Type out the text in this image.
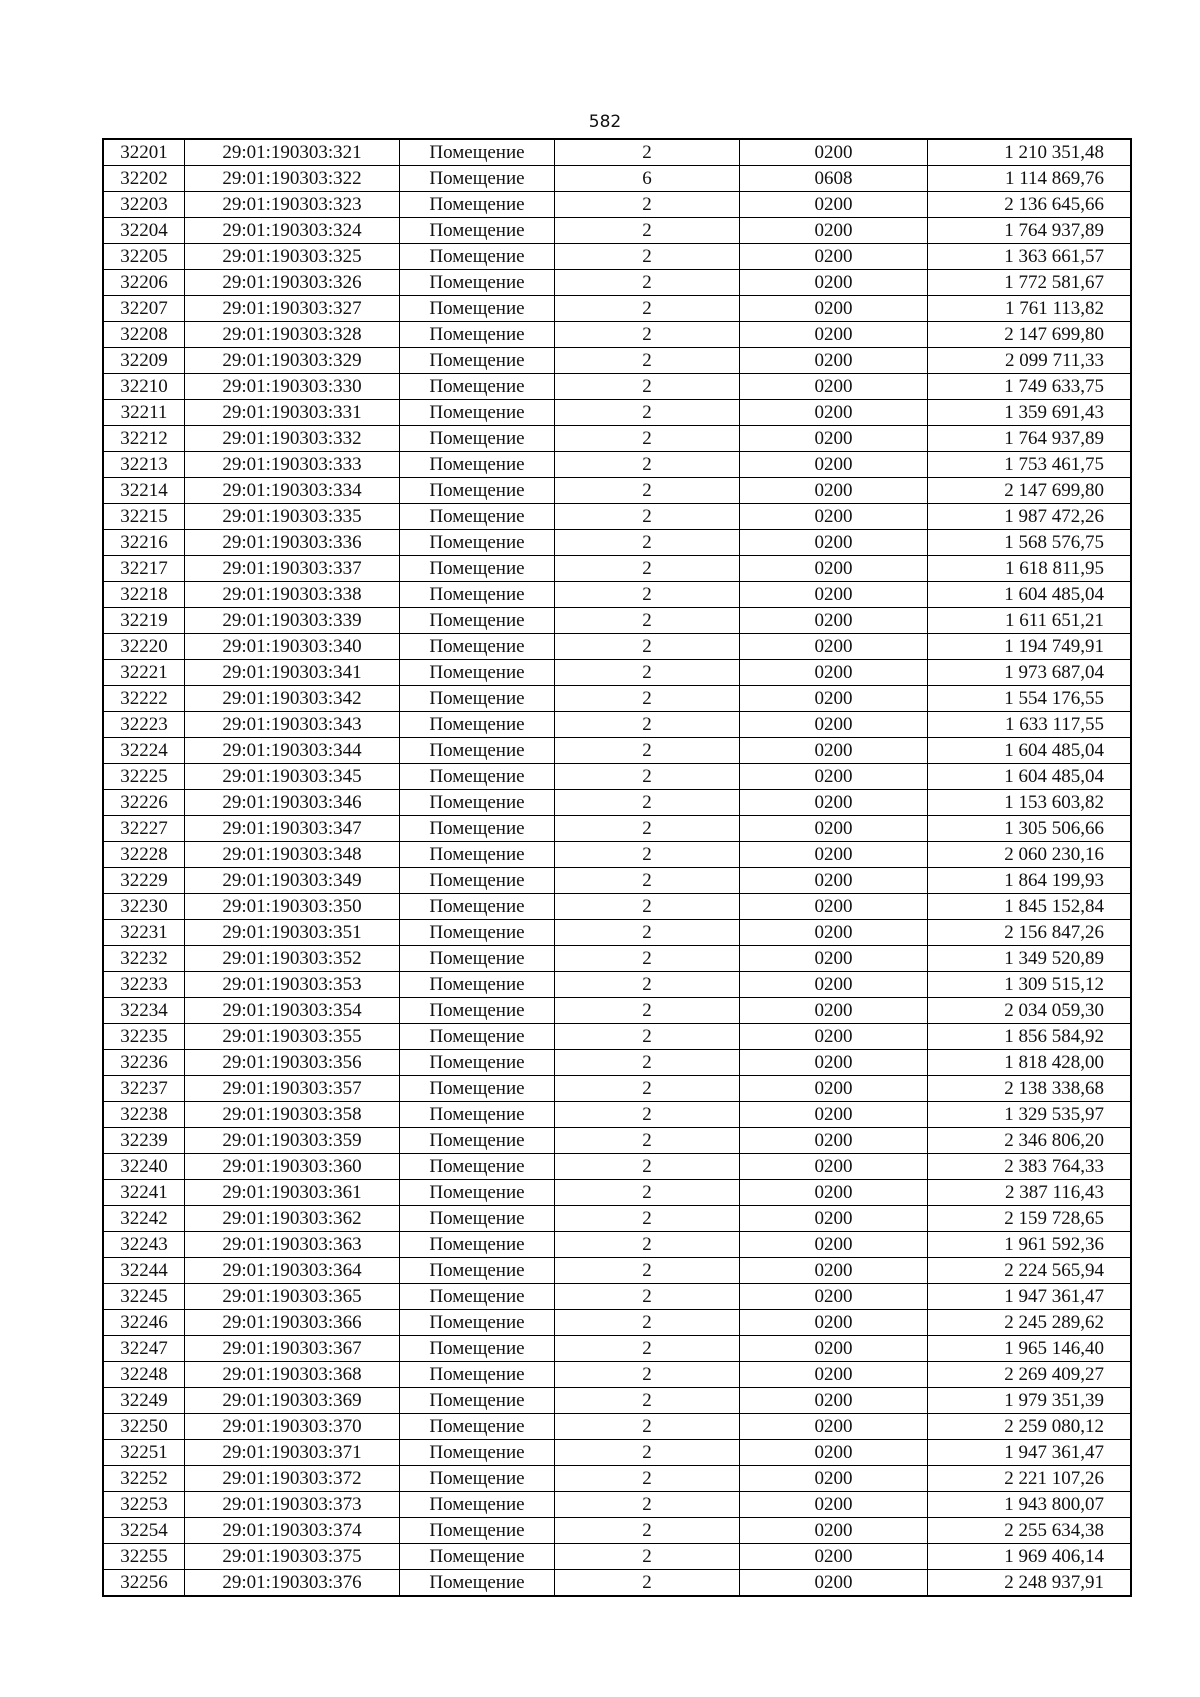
582
32201	29:01:190303:321	Помещение	2	0200	1 210 351,48
32202	29:01:190303:322	Помещение	6	0608	1 114 869,76
32203	29:01:190303:323	Помещение	2	0200	2 136 645,66
32204	29:01:190303:324	Помещение	2	0200	1 764 937,89
32205	29:01:190303:325	Помещение	2	0200	1 363 661,57
32206	29:01:190303:326	Помещение	2	0200	1 772 581,67
32207	29:01:190303:327	Помещение	2	0200	1 761 113,82
32208	29:01:190303:328	Помещение	2	0200	2 147 699,80
32209	29:01:190303:329	Помещение	2	0200	2 099 711,33
32210	29:01:190303:330	Помещение	2	0200	1 749 633,75
32211	29:01:190303:331	Помещение	2	0200	1 359 691,43
32212	29:01:190303:332	Помещение	2	0200	1 764 937,89
32213	29:01:190303:333	Помещение	2	0200	1 753 461,75
32214	29:01:190303:334	Помещение	2	0200	2 147 699,80
32215	29:01:190303:335	Помещение	2	0200	1 987 472,26
32216	29:01:190303:336	Помещение	2	0200	1 568 576,75
32217	29:01:190303:337	Помещение	2	0200	1 618 811,95
32218	29:01:190303:338	Помещение	2	0200	1 604 485,04
32219	29:01:190303:339	Помещение	2	0200	1 611 651,21
32220	29:01:190303:340	Помещение	2	0200	1 194 749,91
32221	29:01:190303:341	Помещение	2	0200	1 973 687,04
32222	29:01:190303:342	Помещение	2	0200	1 554 176,55
32223	29:01:190303:343	Помещение	2	0200	1 633 117,55
32224	29:01:190303:344	Помещение	2	0200	1 604 485,04
32225	29:01:190303:345	Помещение	2	0200	1 604 485,04
32226	29:01:190303:346	Помещение	2	0200	1 153 603,82
32227	29:01:190303:347	Помещение	2	0200	1 305 506,66
32228	29:01:190303:348	Помещение	2	0200	2 060 230,16
32229	29:01:190303:349	Помещение	2	0200	1 864 199,93
32230	29:01:190303:350	Помещение	2	0200	1 845 152,84
32231	29:01:190303:351	Помещение	2	0200	2 156 847,26
32232	29:01:190303:352	Помещение	2	0200	1 349 520,89
32233	29:01:190303:353	Помещение	2	0200	1 309 515,12
32234	29:01:190303:354	Помещение	2	0200	2 034 059,30
32235	29:01:190303:355	Помещение	2	0200	1 856 584,92
32236	29:01:190303:356	Помещение	2	0200	1 818 428,00
32237	29:01:190303:357	Помещение	2	0200	2 138 338,68
32238	29:01:190303:358	Помещение	2	0200	1 329 535,97
32239	29:01:190303:359	Помещение	2	0200	2 346 806,20
32240	29:01:190303:360	Помещение	2	0200	2 383 764,33
32241	29:01:190303:361	Помещение	2	0200	2 387 116,43
32242	29:01:190303:362	Помещение	2	0200	2 159 728,65
32243	29:01:190303:363	Помещение	2	0200	1 961 592,36
32244	29:01:190303:364	Помещение	2	0200	2 224 565,94
32245	29:01:190303:365	Помещение	2	0200	1 947 361,47
32246	29:01:190303:366	Помещение	2	0200	2 245 289,62
32247	29:01:190303:367	Помещение	2	0200	1 965 146,40
32248	29:01:190303:368	Помещение	2	0200	2 269 409,27
32249	29:01:190303:369	Помещение	2	0200	1 979 351,39
32250	29:01:190303:370	Помещение	2	0200	2 259 080,12
32251	29:01:190303:371	Помещение	2	0200	1 947 361,47
32252	29:01:190303:372	Помещение	2	0200	2 221 107,26
32253	29:01:190303:373	Помещение	2	0200	1 943 800,07
32254	29:01:190303:374	Помещение	2	0200	2 255 634,38
32255	29:01:190303:375	Помещение	2	0200	1 969 406,14
32256	29:01:190303:376	Помещение	2	0200	2 248 937,91
